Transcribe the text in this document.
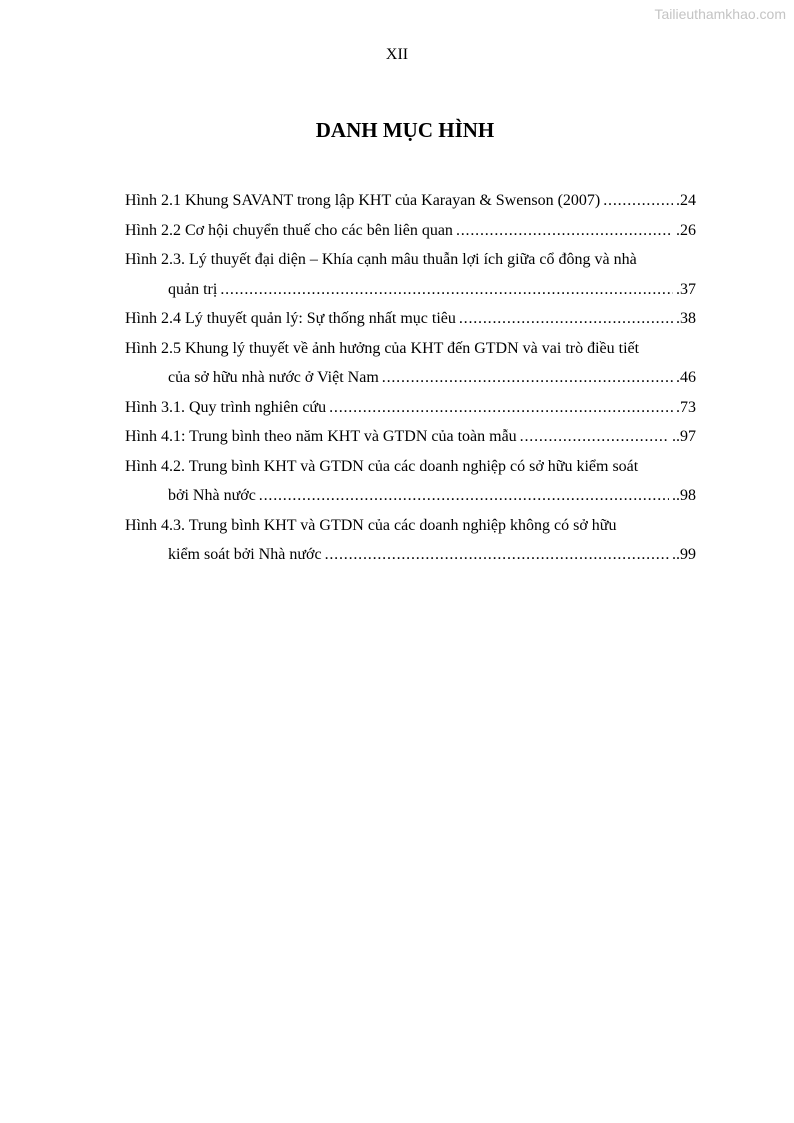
Tailieuthamkhao.com
XII
DANH MỤC HÌNH
Hình 2.1 Khung SAVANT trong lập KHT của Karayan & Swenson (2007) . . .	.24
Hình 2.2 Cơ hội chuyển thuế cho các bên liên quan . . .	.26
Hình 2.3. Lý thuyết đại diện – Khía cạnh mâu thuẫn lợi ích giữa cổ đông và nhà
quản trị . . .	.37
Hình 2.4 Lý thuyết quản lý: Sự thống nhất mục tiêu . . .	.38
Hình 2.5 Khung lý thuyết về ảnh hưởng của KHT đến GTDN và vai trò điều tiết
của sở hữu nhà nước ở Việt Nam . . .	.46
Hình 3.1. Quy trình nghiên cứu . . .	.73
Hình 4.1: Trung bình theo năm KHT và GTDN của toàn mẫu . . .	..97
Hình 4.2. Trung bình KHT và GTDN của các doanh nghiệp có sở hữu kiểm soát
bởi Nhà nước . . .	..98
Hình 4.3. Trung bình KHT và GTDN của các doanh nghiệp không có sở hữu
kiểm soát bởi Nhà nước . . .	..99
